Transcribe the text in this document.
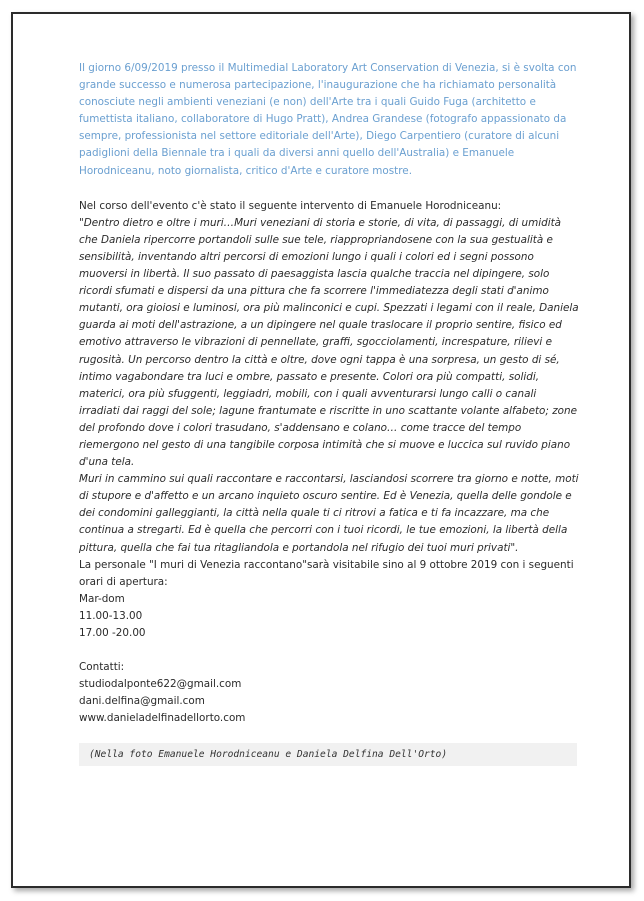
Il giorno 6/09/2019 presso il Multimedial Laboratory Art Conservation di Venezia, si è svolta con grande successo e numerosa partecipazione, l'inaugurazione che ha richiamato personalità conosciute negli ambienti veneziani (e non) dell'Arte tra i quali Guido Fuga (architetto e fumettista italiano, collaboratore di Hugo Pratt), Andrea Grandese (fotografo appassionato da sempre, professionista nel settore editoriale dell'Arte), Diego Carpentiero (curatore di alcuni padiglioni della Biennale tra i quali da diversi anni quello dell'Australia) e Emanuele Horodniceanu, noto giornalista, critico d'Arte e curatore mostre.

Nel corso dell'evento c'è stato il seguente intervento di Emanuele Horodniceanu:

"Dentro dietro e oltre i muri…Muri veneziani di storia e storie, di vita, di passaggi, di umidità che Daniela ripercorre portandoli sulle sue tele, riappropriandosene con la sua gestualità e sensibilità, inventando altri percorsi di emozioni lungo i quali i colori ed i segni possono muoversi in libertà. Il suo passato di paesaggista lascia qualche traccia nel dipingere, solo ricordi sfumati e dispersi da una pittura che fa scorrere l'immediatezza degli stati d'animo

mutanti, ora gioiosi e luminosi, ora più malinconici e cupi. Spezzati i legami con il reale, Daniela guarda ai moti dell'astrazione, a un dipingere nel quale traslocare il proprio sentire, fisico ed emotivo attraverso le vibrazioni di pennellate, graffi, sgocciolamenti, increspature, rilievi e rugosità. Un percorso dentro la città e oltre, dove ogni tappa è una sorpresa, un gesto di sé, intimo vagabondare tra luci e ombre, passato e presente. Colori ora più compatti, solidi, materici, ora più sfuggenti, leggiadri, mobili, con i quali avventurarsi lungo calli o canali irradiati dai raggi del sole; lagune frantumate e riscritte in uno scattante volante alfabeto; zone del profondo dove i colori trasudano, s'addensano e colano… come tracce del tempo riemergono nel gesto di una tangibile corposa intimità che si muove e luccica sul ruvido piano d'una tela.

Muri in cammino sui quali raccontare e raccontarsi, lasciandosi scorrere tra giorno e notte, moti di stupore e d'affetto e un arcano inquieto oscuro sentire. Ed è Venezia, quella delle gondole e dei condomini galleggianti, la città nella quale ti ci ritrovi a fatica e ti fa incazzare, ma che continua a stregarti. Ed è quella che percorri con i tuoi ricordi, le tue emozioni, la libertà della pittura, quella che fai tua ritagliandola e portandola nel rifugio dei tuoi muri privati".

La personale "I muri di Venezia raccontano"sarà visitabile sino al 9 ottobre 2019 con i seguenti orari di apertura:

Mar-dom

11.00-13.00

17.00 -20.00

Contatti:

studiodalponte622@gmail.com

dani.delfina@gmail.com

www.danieladelfinadellorto.com

(Nella foto Emanuele Horodniceanu e Daniela Delfina Dell'Orto)
